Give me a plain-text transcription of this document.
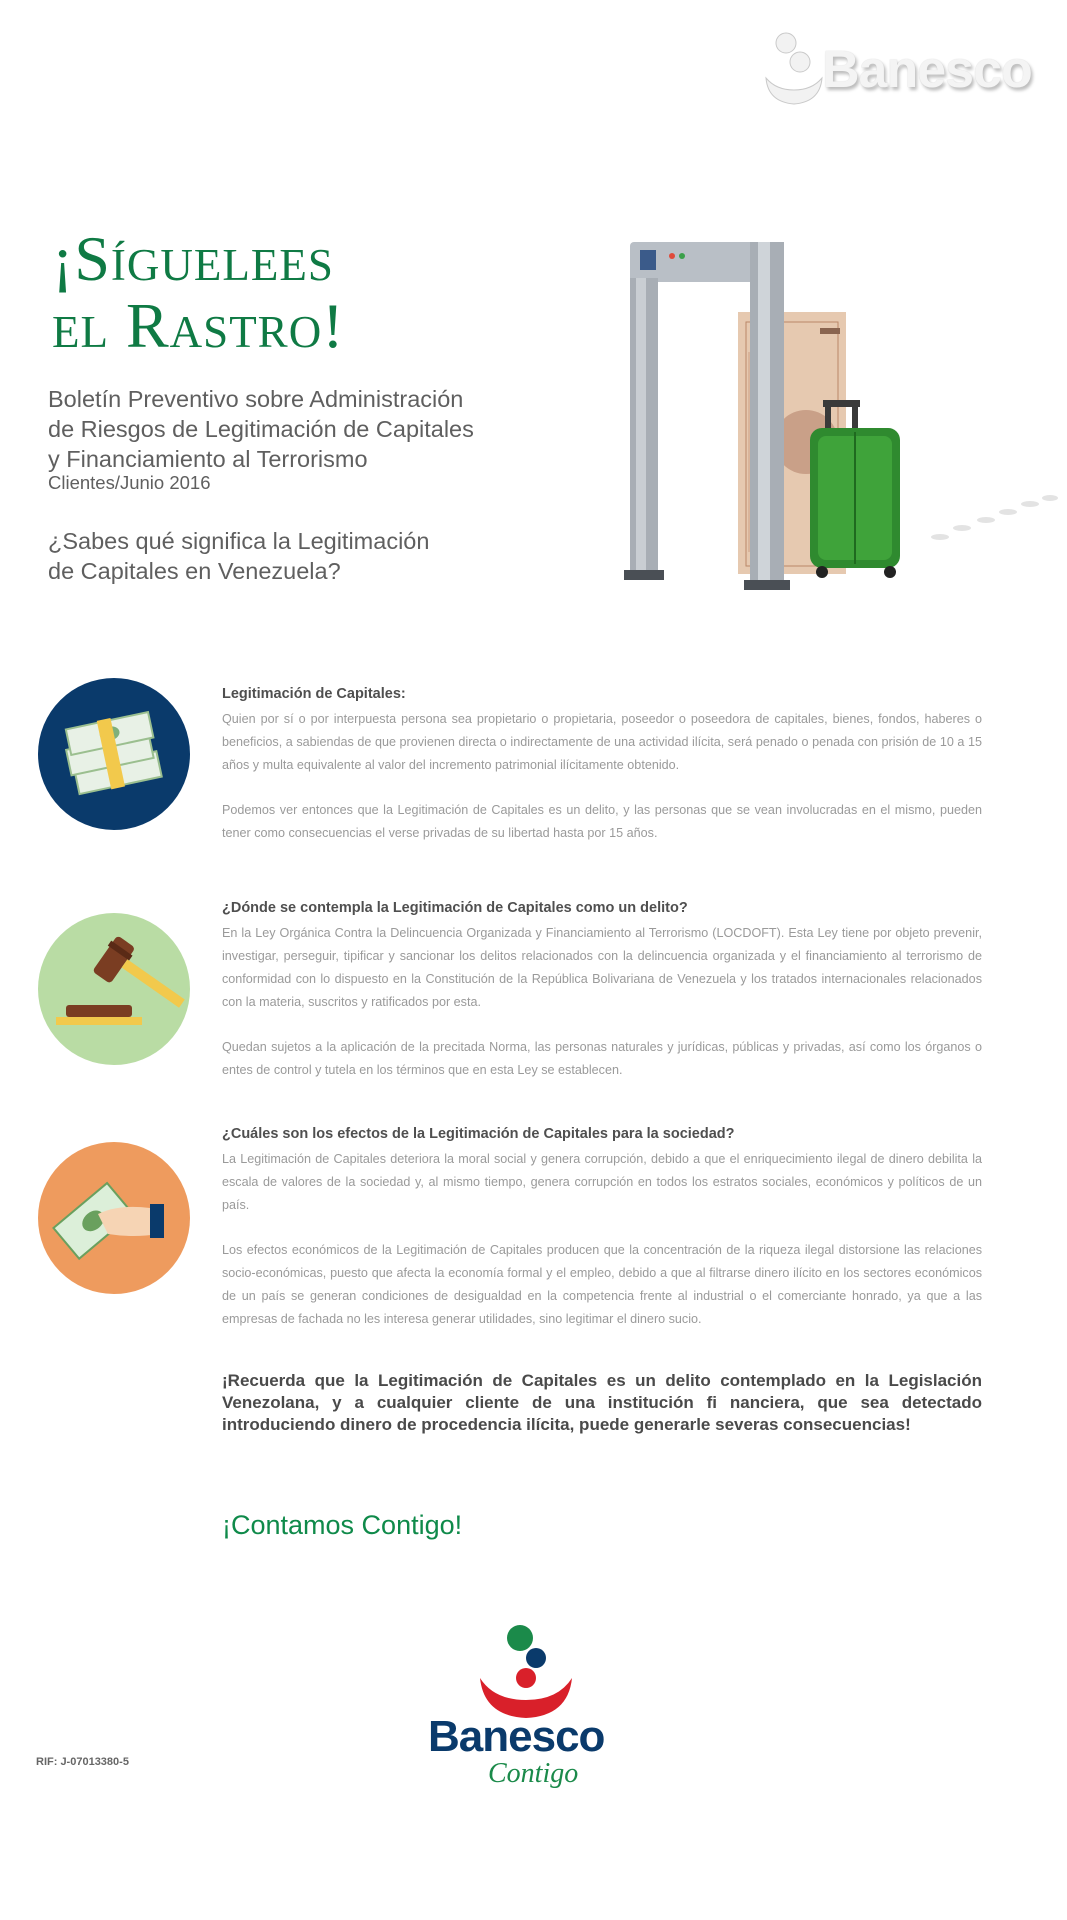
Banesco
¡Síguelees
el Rastro!
Boletín Preventivo sobre Administración
de Riesgos de Legitimación de Capitales
y Financiamiento al Terrorismo
Clientes/Junio 2016
¿Sabes qué significa la Legitimación
de Capitales en Venezuela?
Legitimación de Capitales:

Quien por sí o por interpuesta persona sea propietario o propietaria, poseedor o poseedora de capitales, bienes, fondos, haberes o beneficios, a sabiendas de que provienen directa o indirectamente de una actividad ilícita, será penado o penada con prisión de 10 a 15 años y multa equivalente al valor del incremento patrimonial ilícitamente obtenido.

Podemos ver entonces que la Legitimación de Capitales es un delito, y las personas que se vean involucradas en el mismo, pueden tener como consecuencias el verse privadas de su libertad hasta por 15 años.

¿Dónde se contempla la Legitimación de Capitales como un delito?

En la Ley Orgánica Contra la Delincuencia Organizada y Financiamiento al Terrorismo (LOCDOFT). Esta Ley tiene por objeto prevenir, investigar, perseguir, tipificar y sancionar los delitos relacionados con la delincuencia organizada y el financiamiento al terrorismo de conformidad con lo dispuesto en la Constitución de la República Bolivariana de Venezuela y los tratados internacionales relacionados con la materia, suscritos y ratificados por esta.

Quedan sujetos a la aplicación de la precitada Norma, las personas naturales y jurídicas, públicas y privadas, así como los órganos o entes de control y tutela en los términos que en esta Ley se establecen.

¿Cuáles son los efectos de la Legitimación de Capitales para la sociedad?

La Legitimación de Capitales deteriora la moral social y genera corrupción, debido a que el enriquecimiento ilegal de dinero debilita la escala de valores de la sociedad y, al mismo tiempo, genera corrupción en todos los estratos sociales, económicos y políticos de un país.

Los efectos económicos de la Legitimación de Capitales producen que la concentración de la riqueza ilegal distorsione las relaciones socio-económicas, puesto que afecta la economía formal y el empleo, debido a que al filtrarse dinero ilícito en los sectores económicos de un país se generan condiciones de desigualdad en la competencia frente al industrial o el comerciante honrado, ya que a las empresas de fachada no les interesa generar utilidades, sino legitimar el dinero sucio.

¡Recuerda que la Legitimación de Capitales es un delito contemplado en la Legislación Venezolana, y a cualquier cliente de una institución fi nanciera, que sea detectado introduciendo dinero de procedencia ilícita, puede generarle severas consecuencias!
¡Contamos Contigo!
Banesco
Contigo
RIF: J-07013380-5
